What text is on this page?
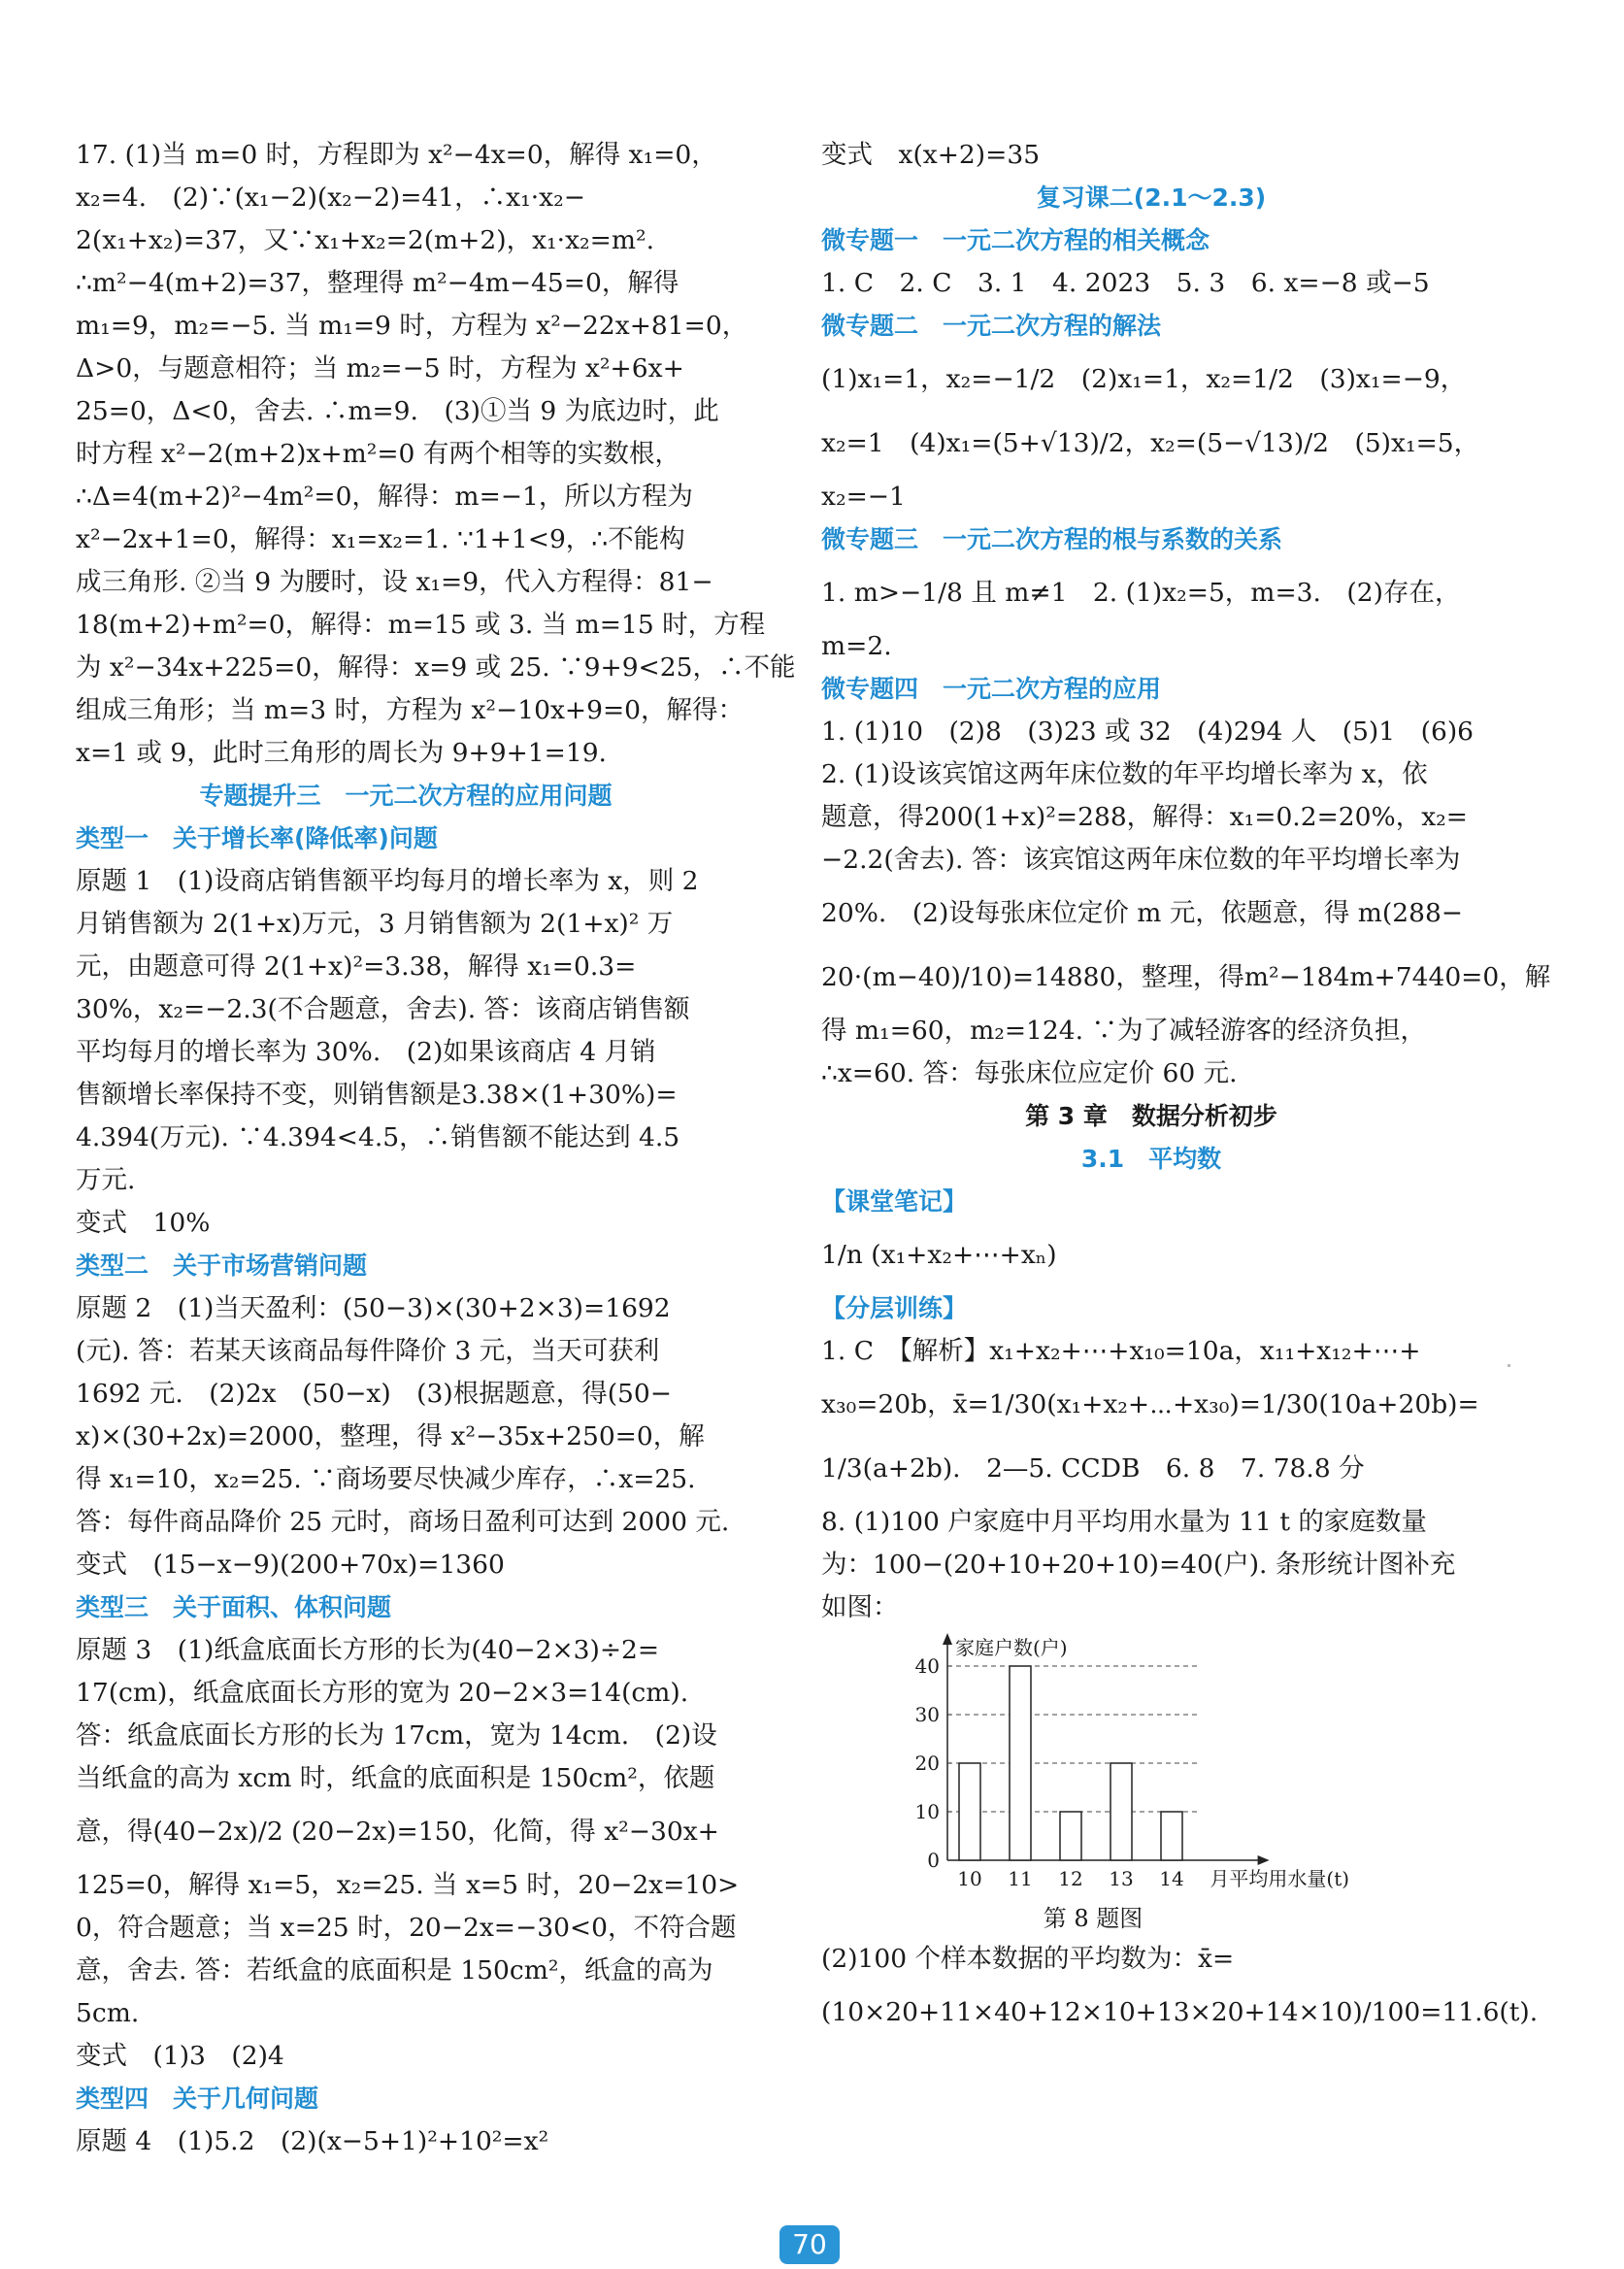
17. (1)当 m=0 时，方程即为 x²−4x=0，解得 x₁=0，
x₂=4.　(2)∵(x₁−2)(x₂−2)=41，∴x₁·x₂−
2(x₁+x₂)=37，又∵x₁+x₂=2(m+2)，x₁·x₂=m².
∴m²−4(m+2)=37，整理得 m²−4m−45=0，解得
m₁=9，m₂=−5. 当 m₁=9 时，方程为 x²−22x+81=0，
Δ>0，与题意相符；当 m₂=−5 时，方程为 x²+6x+
25=0，Δ<0，舍去. ∴m=9.　(3)①当 9 为底边时，此
时方程 x²−2(m+2)x+m²=0 有两个相等的实数根，
∴Δ=4(m+2)²−4m²=0，解得：m=−1，所以方程为
x²−2x+1=0，解得：x₁=x₂=1. ∵1+1<9，∴不能构
成三角形. ②当 9 为腰时，设 x₁=9，代入方程得：81−
18(m+2)+m²=0，解得：m=15 或 3. 当 m=15 时，方程
为 x²−34x+225=0，解得：x=9 或 25. ∵9+9<25，∴不能
组成三角形；当 m=3 时，方程为 x²−10x+9=0，解得：
x=1 或 9，此时三角形的周长为 9+9+1=19.
专题提升三　一元二次方程的应用问题
类型一　关于增长率(降低率)问题
原题 1　(1)设商店销售额平均每月的增长率为 x，则 2
月销售额为 2(1+x)万元，3 月销售额为 2(1+x)² 万
元，由题意可得 2(1+x)²=3.38，解得 x₁=0.3=
30%，x₂=−2.3(不合题意，舍去). 答：该商店销售额
平均每月的增长率为 30%.　(2)如果该商店 4 月销
售额增长率保持不变，则销售额是3.38×(1+30%)=
4.394(万元). ∵4.394<4.5，∴销售额不能达到 4.5
万元.
变式　10%
类型二　关于市场营销问题
原题 2　(1)当天盈利：(50−3)×(30+2×3)=1692
(元). 答：若某天该商品每件降价 3 元，当天可获利
1692 元.　(2)2x　(50−x)　(3)根据题意，得(50−
x)×(30+2x)=2000，整理，得 x²−35x+250=0，解
得 x₁=10，x₂=25. ∵商场要尽快减少库存，∴x=25.
答：每件商品降价 25 元时，商场日盈利可达到 2000 元.
变式　(15−x−9)(200+70x)=1360
类型三　关于面积、体积问题
原题 3　(1)纸盒底面长方形的长为(40−2×3)÷2=
17(cm)，纸盒底面长方形的宽为 20−2×3=14(cm).
答：纸盒底面长方形的长为 17cm，宽为 14cm.　(2)设
当纸盒的高为 xcm 时，纸盒的底面积是 150cm²，依题
意，得(40−2x)/2 (20−2x)=150，化简，得 x²−30x+
125=0，解得 x₁=5，x₂=25. 当 x=5 时，20−2x=10>
0，符合题意；当 x=25 时，20−2x=−30<0，不符合题
意，舍去. 答：若纸盒的底面积是 150cm²，纸盒的高为
5cm.
变式　(1)3　(2)4
类型四　关于几何问题
原题 4　(1)5.2　(2)(x−5+1)²+10²=x²
变式　x(x+2)=35
复习课二(2.1～2.3)
微专题一　一元二次方程的相关概念
1. C　2. C　3. 1　4. 2023　5. 3　6. x=−8 或−5
微专题二　一元二次方程的解法
(1)x₁=1，x₂=−1/2　(2)x₁=1，x₂=1/2　(3)x₁=−9，
x₂=1　(4)x₁=(5+√13)/2，x₂=(5−√13)/2　(5)x₁=5，
x₂=−1
微专题三　一元二次方程的根与系数的关系
1. m>−1/8 且 m≠1　2. (1)x₂=5，m=3.　(2)存在，
m=2.
微专题四　一元二次方程的应用
1. (1)10　(2)8　(3)23 或 32　(4)294 人　(5)1　(6)6
2. (1)设该宾馆这两年床位数的年平均增长率为 x，依
题意，得200(1+x)²=288，解得：x₁=0.2=20%，x₂=
−2.2(舍去). 答：该宾馆这两年床位数的年平均增长率为
20%.　(2)设每张床位定价 m 元，依题意，得 m(288−
20·(m−40)/10)=14880，整理，得m²−184m+7440=0，解
得 m₁=60，m₂=124. ∵为了减轻游客的经济负担，
∴x=60. 答：每张床位应定价 60 元.
第 3 章　数据分析初步
3.1　平均数
【课堂笔记】
1/n (x₁+x₂+⋯+xₙ)
【分层训练】
1. C　【解析】x₁+x₂+⋯+x₁₀=10a，x₁₁+x₁₂+⋯+
x₃₀=20b，x̄=1/30(x₁+x₂+⋯+x₃₀)=1/30(10a+20b)=
1/3(a+2b).　2—5. CCDB　6. 8　7. 78.8 分
8. (1)100 户家庭中月平均用水量为 11 t 的家庭数量
为：100−(20+10+20+10)=40(户). 条形统计图补充
如图：
0
10
20
30
40
10 11 12 13 14
家庭户数(户)
月平均用水量(t)
第 8 题图
(2)100 个样本数据的平均数为：x̄=
(10×20+11×40+12×10+13×20+14×10)/100=11.6(t).
70
